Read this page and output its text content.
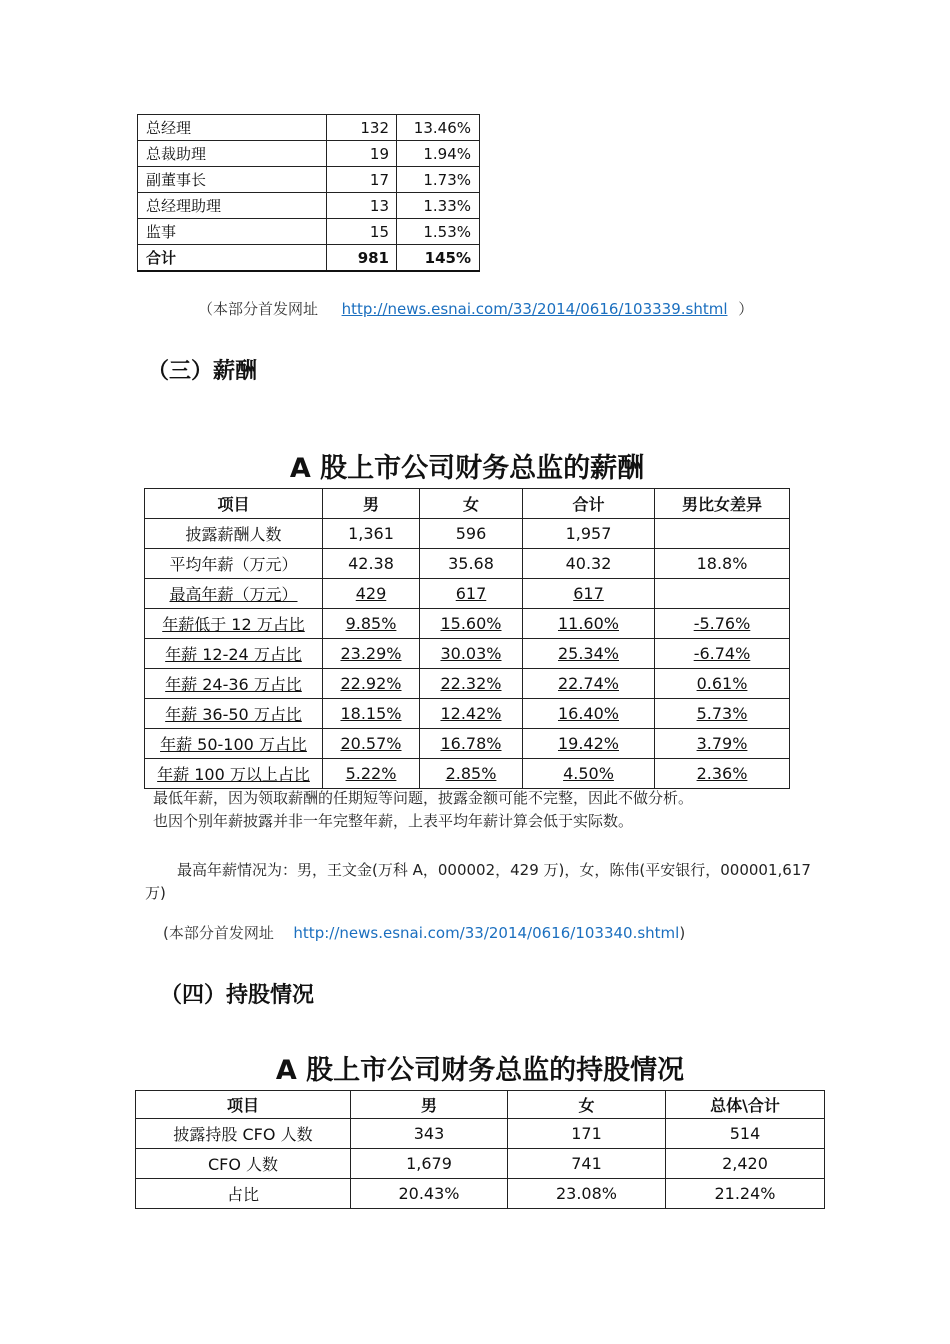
总经理	132	13.46%
总裁助理	19	1.94%
副董事长	17	1.73%
总经理助理	13	1.33%
监事	15	1.53%
合计	981	145%
（本部分首发网址 http://news.esnai.com/33/2014/0616/103339.shtml ）
（三）薪酬
A 股上市公司财务总监的薪酬
项目	男	女	合计	男比女差异
披露薪酬人数	1,361	596	1,957	
平均年薪（万元）	42.38	35.68	40.32	18.8%
最高年薪（万元）	429	617	617	
年薪低于 12 万占比	9.85%	15.60%	11.60%	-5.76%
年薪 12-24 万占比	23.29%	30.03%	25.34%	-6.74%
年薪 24-36 万占比	22.92%	22.32%	22.74%	0.61%
年薪 36-50 万占比	18.15%	12.42%	16.40%	5.73%
年薪 50-100 万占比	20.57%	16.78%	19.42%	3.79%
年薪 100 万以上占比	5.22%	2.85%	4.50%	2.36%
最低年薪，因为领取薪酬的任期短等问题，披露金额可能不完整，因此不做分析。
也因个别年薪披露并非一年完整年薪，上表平均年薪计算会低于实际数。
最高年薪情况为：男，王文金(万科 A，000002，429 万)，女，陈伟(平安银行，000001,617
万)
(本部分首发网址 http://news.esnai.com/33/2014/0616/103340.shtml)
（四）持股情况
A 股上市公司财务总监的持股情况
项目	男	女	总体\合计
披露持股 CFO 人数	343	171	514
CFO 人数	1,679	741	2,420
占比	20.43%	23.08%	21.24%
